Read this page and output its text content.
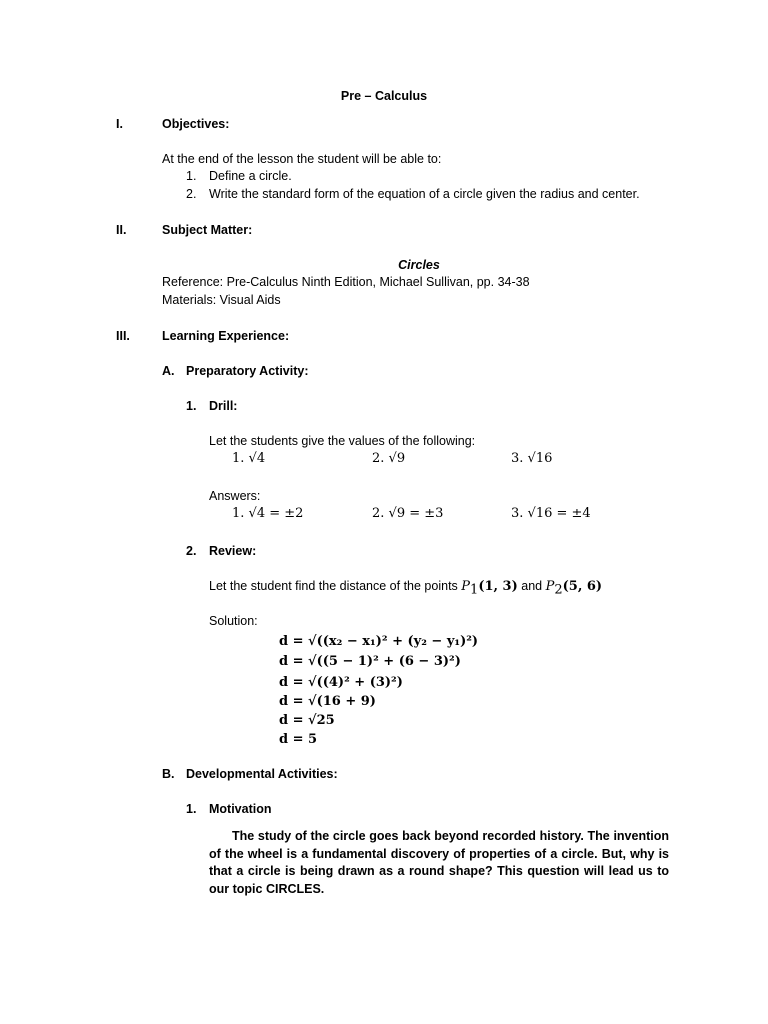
Pre – Calculus
I.	Objectives:
At the end of the lesson the student will be able to:
1. Define a circle.
2. Write the standard form of the equation of a circle given the radius and center.
II.	Subject Matter:
Circles
Reference: Pre-Calculus Ninth Edition, Michael Sullivan, pp. 34-38
Materials: Visual Aids
III.	Learning Experience:
A. Preparatory Activity:
1. Drill:
Let the students give the values of the following:
1. √4	2. √9	3. √16
Answers:
1. √4 = ±2	2. √9 = ±3	3. √16 = ±4
2. Review:
Let the student find the distance of the points $P_1(1$, 3) and $P_2(5$, 6)
Solution:
d = √((x₂ − x₁)² + (y₂ − y₁)²)
d = √((5 − 1)² + (6 − 3)²)
d = √((4)² + (3)²)
d = √(16 + 9)
d = √25
d = 5
B. Developmental Activities:
1. Motivation
The study of the circle goes back beyond recorded history. The invention of the wheel is a fundamental discovery of properties of a circle. But, why is that a circle is being drawn as a round shape? This question will lead us to our topic CIRCLES.
